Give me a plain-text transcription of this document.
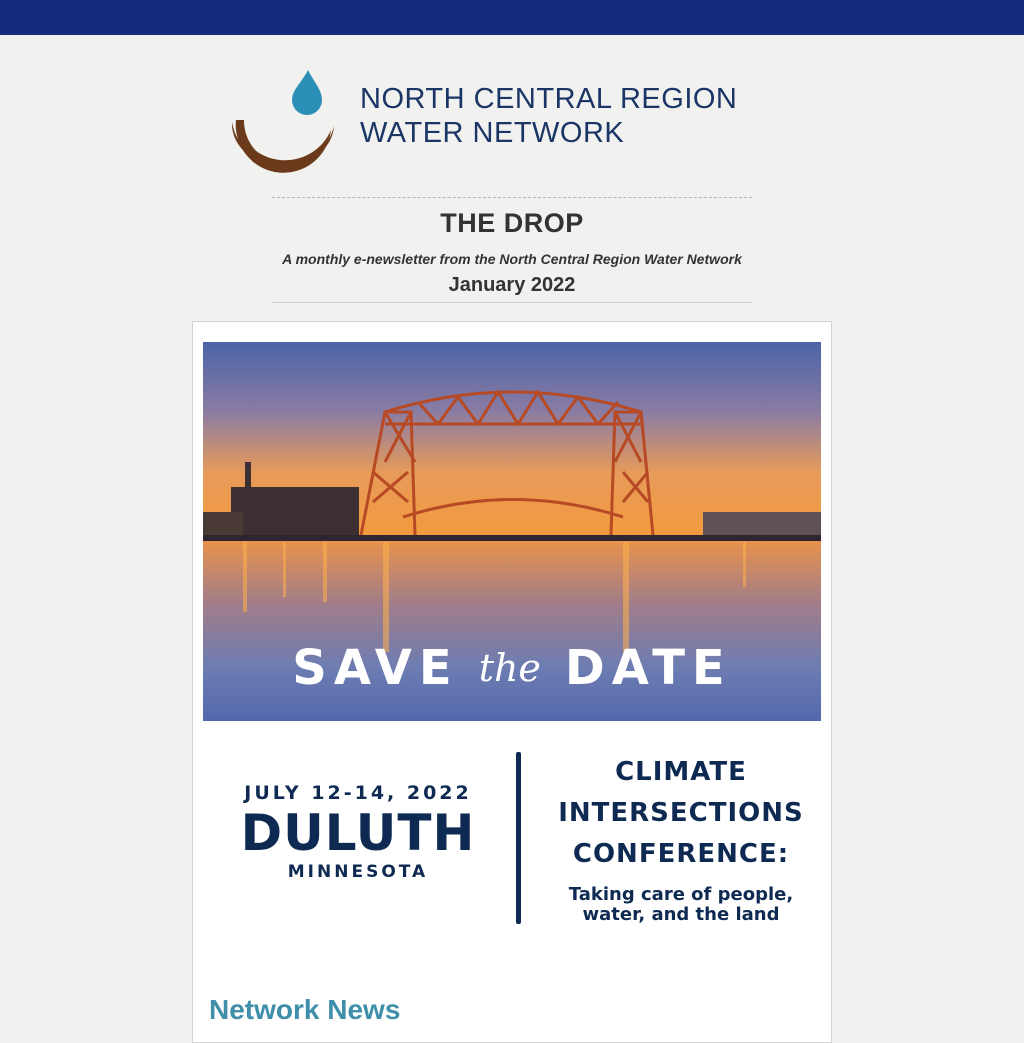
NORTH CENTRAL REGION
WATER NETWORK
THE DROP
A monthly e-newsletter from the North Central Region Water Network
January 2022
SAVE the DATE
JULY 12-14, 2022
DULUTH
MINNESOTA
CLIMATE
INTERSECTIONS
CONFERENCE:
Taking care of people,
water, and the land
Network News
